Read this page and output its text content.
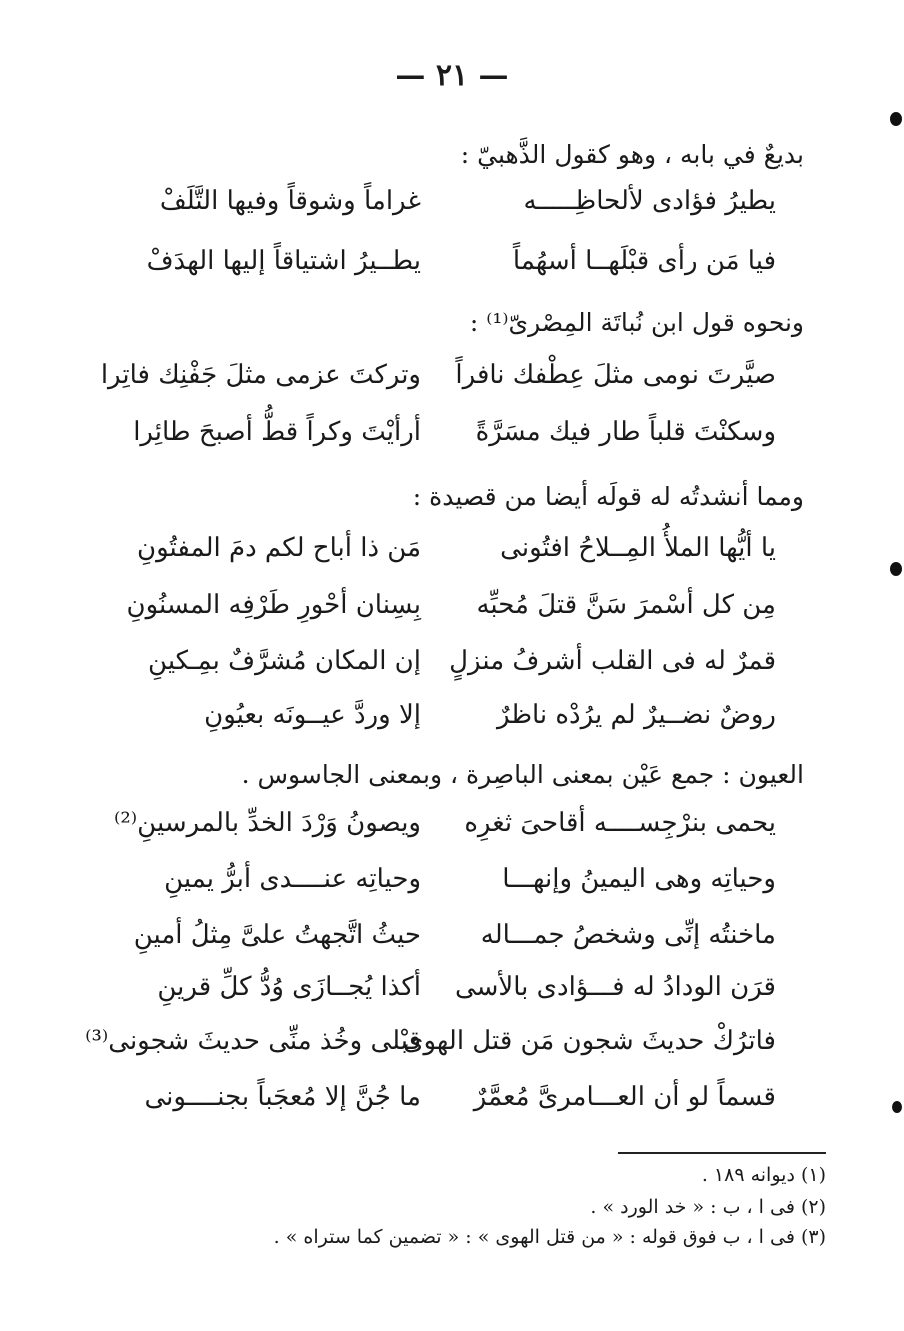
— ٢١ —
بديعٌ في بابه ، وهو كقول الذَّهبيّ :
يطيرُ فؤادى لألحاظِـــــه
غراماً وشوقاً وفيها التَّلَفْ
فيا مَن رأى قبْلَهــا أسهُماً
يطــيرُ اشتياقاً إليها الهدَفْ
ونحوه قول ابن نُباتَة المِصْرىّ⁽¹⁾ :
صيَّرتَ نومى مثلَ عِطْفك نافراً
وتركتَ عزمى مثلَ جَفْنِك فاتِرا
وسكنْتَ قلباً طار فيك مسَرَّةً
أرأيْتَ وكراً قطُّ أصبحَ طائِرا
ومما أنشدتُه له قولَه أيضا من قصيدة :
يا أيُّها الملأُ المِــلاحُ افتُونى
مَن ذا أباح لكم دمَ المفتُونِ
مِن كل أسْمرَ سَنَّ قتلَ مُحبِّه
بِسِنان أحْورِ طَرْفِه المسنُونِ
قمرٌ له فى القلب أشرفُ منزلٍ
إن المكان مُشرَّفٌ بمِـكينِ
روضٌ نضــيرٌ لم يرُدْه ناظرٌ
إلا وردَّ عيــونَه بعيُونِ
العيون : جمع عَيْن بمعنى الباصِرة ، وبمعنى الجاسوس .
يحمى بنرْجِســــه أقاحىَ ثغرِه
ويصونُ وَرْدَ الخدِّ بالمرسينِ⁽²⁾
وحياتِه وهى اليمينُ وإنهـــا
وحياتِه عنــــدى أبرُّ يمينِ
ماخنتُه إنِّى وشخصُ جمـــاله
حيثُ اتَّجهتُ علىَّ مِثلُ أمينِ
قرَن الودادُ له فـــؤادى بالأسى
أكذا يُجــازَى وُدُّ كلِّ قرينِ
فاترُكْ حديثَ شجون مَن قتل الهوى
قبْلى وخُذ منِّى حديثَ شجونى⁽³⁾
قسماً لو أن العـــامرىَّ مُعمَّرٌ
ما جُنَّ إلا مُعجَباً بجنــــونى
(١) ديوانه ١٨٩ .
(٢) فى ا ، ب : « خد الورد » .
(٣) فى ا ، ب فوق قوله : « من قتل الهوى » : « تضمين كما ستراه » .
